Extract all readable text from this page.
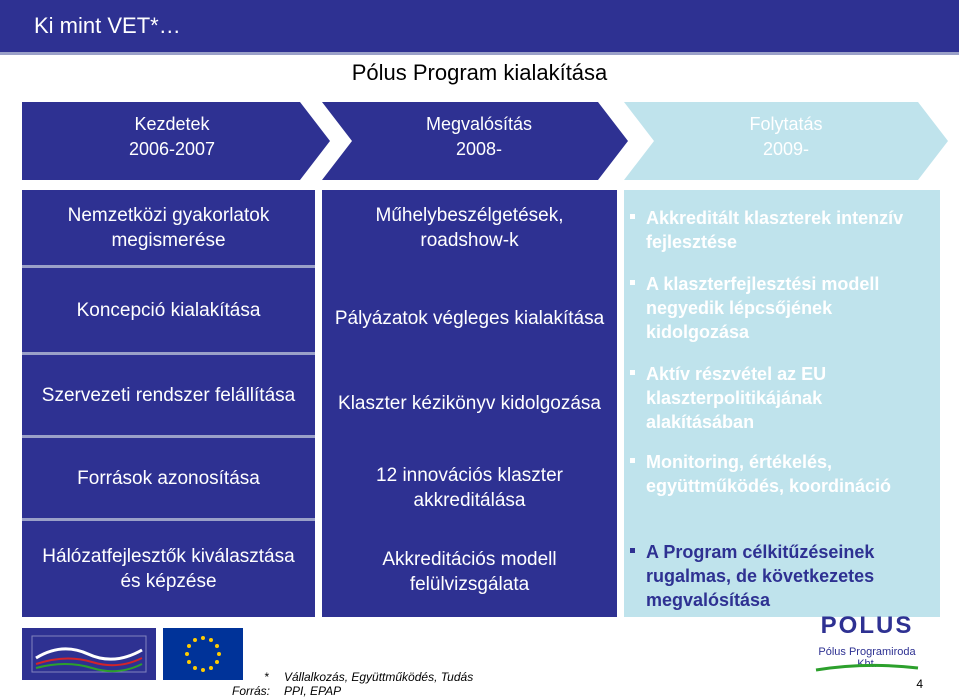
Ki mint VET*…
Pólus Program kialakítása
Kezdetek
2006-2007
Megvalósítás
2008-
Folytatás
2009-
Nemzetközi gyakorlatok megismerése
Koncepció kialakítása
Szervezeti rendszer felállítása
Források azonosítása
Hálózatfejlesztők kiválasztása és képzése
Műhelybeszélgetések, roadshow-k
Pályázatok végleges kialakítása
Klaszter kézikönyv kidolgozása
12 innovációs klaszter akkreditálása
Akkreditációs modell felülvizsgálata
Akkreditált klaszterek intenzív fejlesztése
A klaszterfejlesztési modell negyedik lépcsőjének kidolgozása
Aktív részvétel az EU klaszterpolitikájának alakításában
Monitoring, értékelés, együttműködés, koordináció
A Program célkitűzéseinek rugalmas, de következetes megvalósítása
* Vállalkozás, Együttműködés, Tudás
Forrás: PPI, EPAP
POLUS
Pólus Programiroda Kht.
4
